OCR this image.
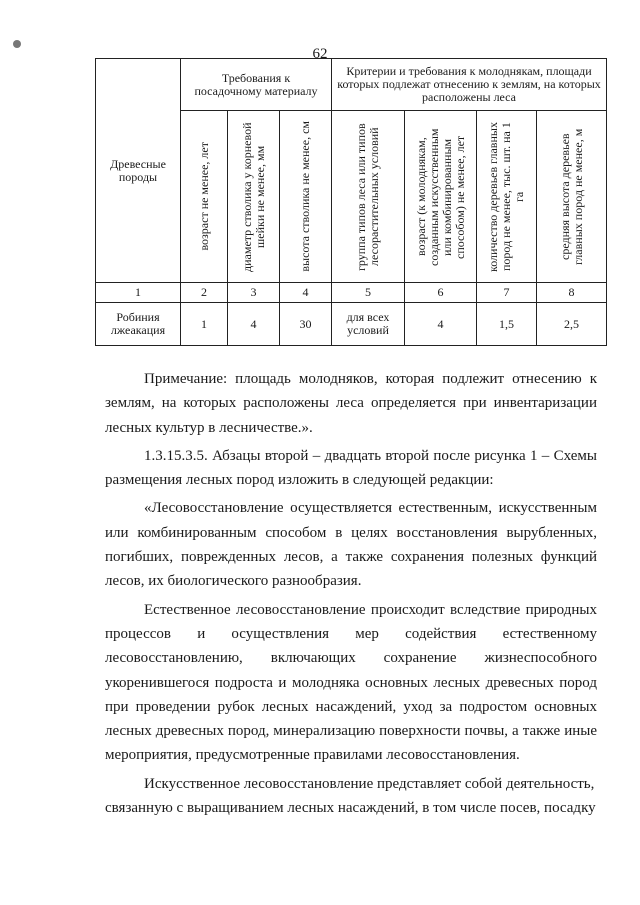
62
Древесные породы	Требования к посадочному материалу			Критерии и требования к молоднякам, площади которых подлежат отнесению к землям, на которых расположены леса			

	возраст не менее, лет	диаметр стволика у корневой шейки не менее, мм	высота стволика не менее, см	группа типов леса или типов лесорастительных условий	возраст (к молоднякам, созданным искусственным или комбинированным способом) не менее, лет	количество деревьев главных пород не менее, тыс. шт. на 1 га	средняя высота деревьев главных пород не менее, м

1	2	3	4	5	6	7	8
Робиния лжеакация	1	4	30	для всех условий	4	1,5	2,5

Примечание: площадь молодняков, которая подлежит отнесению к землям, на которых расположены леса определяется при инвентаризации лесных культур в лесничестве.».

1.3.15.3.5. Абзацы второй – двадцать второй после рисунка 1 – Схемы размещения лесных пород изложить в следующей редакции:

«Лесовосстановление осуществляется естественным, искусственным или комбинированным способом в целях восстановления вырубленных, погибших, поврежденных лесов, а также сохранения полезных функций лесов, их биологического разнообразия.

Естественное лесовосстановление происходит вследствие природных процессов и осуществления мер содействия естественному лесовосстановлению, включающих сохранение жизнеспособного укоренившегося подроста и молодняка основных лесных древесных пород при проведении рубок лесных насаждений, уход за подростом основных лесных древесных пород, минерализацию поверхности почвы, а также иные мероприятия, предусмотренные правилами лесовосстановления.

Искусственное лесовосстановление представляет собой деятельность, связанную с выращиванием лесных насаждений, в том числе посев, посадку
